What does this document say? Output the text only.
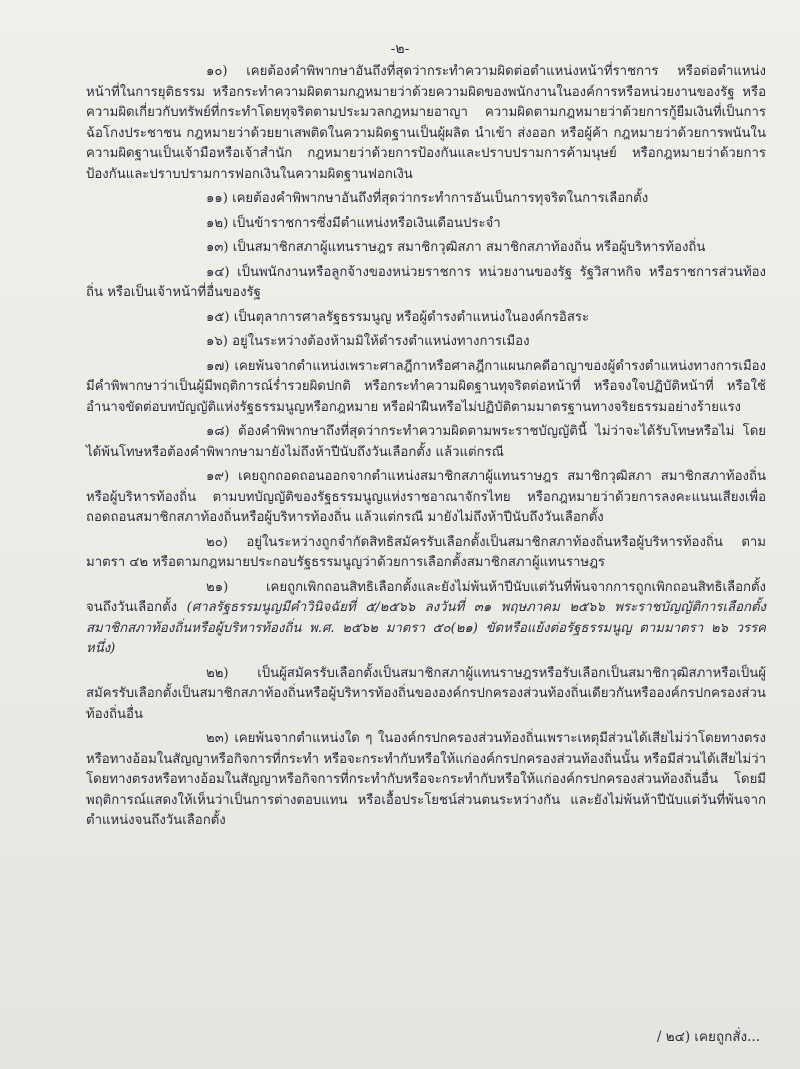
-๒-

๑๐) เคยต้องคำพิพากษาอันถึงที่สุดว่ากระทำความผิดต่อตำแหน่งหน้าที่ราชการ หรือต่อตำแหน่งหน้าที่ในการยุติธรรม หรือกระทำความผิดตามกฎหมายว่าด้วยความผิดของพนักงานในองค์การหรือหน่วยงานของรัฐ หรือความผิดเกี่ยวกับทรัพย์ที่กระทำโดยทุจริตตามประมวลกฎหมายอาญา ความผิดตามกฎหมายว่าด้วยการกู้ยืมเงินที่เป็นการฉ้อโกงประชาชน กฎหมายว่าด้วยยาเสพติดในความผิดฐานเป็นผู้ผลิต นำเข้า ส่งออก หรือผู้ค้า กฎหมายว่าด้วยการพนันในความผิดฐานเป็นเจ้ามือหรือเจ้าสำนัก กฎหมายว่าด้วยการป้องกันและปราบปรามการค้ามนุษย์ หรือกฎหมายว่าด้วยการป้องกันและปราบปรามการฟอกเงินในความผิดฐานฟอกเงิน

๑๑) เคยต้องคำพิพากษาอันถึงที่สุดว่ากระทำการอันเป็นการทุจริตในการเลือกตั้ง

๑๒) เป็นข้าราชการซึ่งมีตำแหน่งหรือเงินเดือนประจำ

๑๓) เป็นสมาชิกสภาผู้แทนราษฎร สมาชิกวุฒิสภา สมาชิกสภาท้องถิ่น หรือผู้บริหารท้องถิ่น

๑๔) เป็นพนักงานหรือลูกจ้างของหน่วยราชการ หน่วยงานของรัฐ รัฐวิสาหกิจ หรือราชการส่วนท้องถิ่น หรือเป็นเจ้าหน้าที่อื่นของรัฐ

๑๕) เป็นตุลาการศาลรัฐธรรมนูญ หรือผู้ดำรงตำแหน่งในองค์กรอิสระ

๑๖) อยู่ในระหว่างต้องห้ามมิให้ดำรงตำแหน่งทางการเมือง

๑๗) เคยพ้นจากตำแหน่งเพราะศาลฎีกาหรือศาลฎีกาแผนกคดีอาญาของผู้ดำรงตำแหน่งทางการเมือง มีคำพิพากษาว่าเป็นผู้มีพฤติการณ์ร่ำรวยผิดปกติ หรือกระทำความผิดฐานทุจริตต่อหน้าที่ หรือจงใจปฏิบัติหน้าที่ หรือใช้อำนาจขัดต่อบทบัญญัติแห่งรัฐธรรมนูญหรือกฎหมาย หรือฝ่าฝืนหรือไม่ปฏิบัติตามมาตรฐานทางจริยธรรมอย่างร้ายแรง

๑๘) ต้องคำพิพากษาถึงที่สุดว่ากระทำความผิดตามพระราชบัญญัตินี้ ไม่ว่าจะได้รับโทษหรือไม่ โดยได้พ้นโทษหรือต้องคำพิพากษามายังไม่ถึงห้าปีนับถึงวันเลือกตั้ง แล้วแต่กรณี

๑๙) เคยถูกถอดถอนออกจากตำแหน่งสมาชิกสภาผู้แทนราษฎร สมาชิกวุฒิสภา สมาชิกสภาท้องถิ่นหรือผู้บริหารท้องถิ่น ตามบทบัญญัติของรัฐธรรมนูญแห่งราชอาณาจักรไทย หรือกฎหมายว่าด้วยการลงคะแนนเสียงเพื่อถอดถอนสมาชิกสภาท้องถิ่นหรือผู้บริหารท้องถิ่น แล้วแต่กรณี มายังไม่ถึงห้าปีนับถึงวันเลือกตั้ง

๒๐) อยู่ในระหว่างถูกจำกัดสิทธิสมัครรับเลือกตั้งเป็นสมาชิกสภาท้องถิ่นหรือผู้บริหารท้องถิ่น ตามมาตรา ๔๒ หรือตามกฎหมายประกอบรัฐธรรมนูญว่าด้วยการเลือกตั้งสมาชิกสภาผู้แทนราษฎร

๒๑) เคยถูกเพิกถอนสิทธิเลือกตั้งและยังไม่พ้นห้าปีนับแต่วันที่พ้นจากการถูกเพิกถอนสิทธิเลือกตั้ง จนถึงวันเลือกตั้ง (ศาลรัฐธรรมนูญมีคำวินิจฉัยที่ ๕/๒๕๖๖ ลงวันที่ ๓๑ พฤษภาคม ๒๕๖๖ พระราชบัญญัติการเลือกตั้งสมาชิกสภาท้องถิ่นหรือผู้บริหารท้องถิ่น พ.ศ. ๒๕๖๒ มาตรา ๕๐(๒๑) ขัดหรือแย้งต่อรัฐธรรมนูญ ตามมาตรา ๒๖ วรรคหนึ่ง)

๒๒) เป็นผู้สมัครรับเลือกตั้งเป็นสมาชิกสภาผู้แทนราษฎรหรือรับเลือกเป็นสมาชิกวุฒิสภาหรือเป็นผู้สมัครรับเลือกตั้งเป็นสมาชิกสภาท้องถิ่นหรือผู้บริหารท้องถิ่นขององค์กรปกครองส่วนท้องถิ่นเดียวกันหรือองค์กรปกครองส่วนท้องถิ่นอื่น

๒๓) เคยพ้นจากตำแหน่งใด ๆ ในองค์กรปกครองส่วนท้องถิ่นเพราะเหตุมีส่วนได้เสียไม่ว่าโดยทางตรงหรือทางอ้อมในสัญญาหรือกิจการที่กระทำ หรือจะกระทำกับหรือให้แก่องค์กรปกครองส่วนท้องถิ่นนั้น หรือมีส่วนได้เสียไม่ว่าโดยทางตรงหรือทางอ้อมในสัญญาหรือกิจการที่กระทำกับหรือจะกระทำกับหรือให้แก่องค์กรปกครองส่วนท้องถิ่นอื่น โดยมีพฤติการณ์แสดงให้เห็นว่าเป็นการต่างตอบแทน หรือเอื้อประโยชน์ส่วนตนระหว่างกัน และยังไม่พ้นห้าปีนับแต่วันที่พ้นจากตำแหน่งจนถึงวันเลือกตั้ง

/ ๒๔) เคยถูกสั่ง...
